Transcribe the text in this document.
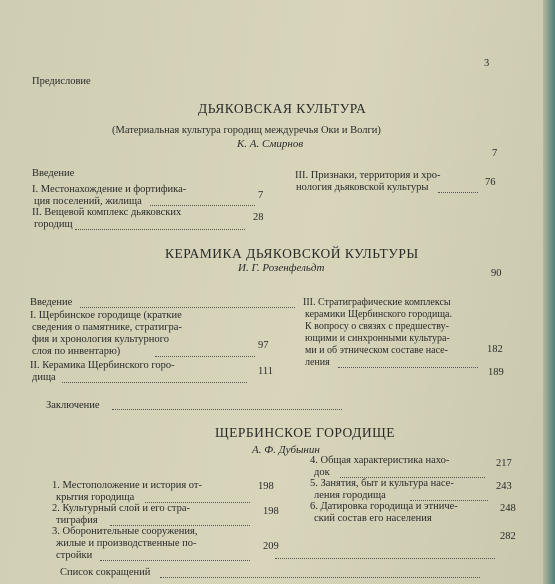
3
Предисловие
ДЬЯКОВСКАЯ КУЛЬТУРА
(Материальная культура городищ междуречья Оки и Волги)
К. А. Смирнов
7
Введение
I. Местонахождение и фортифика-
ция поселений, жилища
7
II. Вещевой комплекс дьяковских
городищ
28
III. Признаки, территория и хро-
нология дьяковской культуры	76
КЕРАМИКА ДЬЯКОВСКОЙ КУЛЬТУРЫ
И. Г. Розенфельдт	90
Введение
I. Щербинское городище (краткие
сведения о памятнике, стратигра-
фия и хронология культурного
слоя по инвентарю)
97
II. Керамика Щербинского горо-
дища
111
III. Стратиграфические комплексы
керамики Щербинского городища.
К вопросу о связях с предшеству-
ющими и синхронными культура-
ми и об этническом составе насе-
ления
182
189
Заключение
ЩЕРБИНСКОЕ ГОРОДИЩЕ
А. Ф. Дубынин
1. Местоположение и история от-
крытия городища
198
2. Культурный слой и его стра-
тиграфия
198
3. Оборонительные сооружения,
жилые и производственные по-
стройки
209
4. Общая характеристика нахо-
док
217
5. Занятия, быт и культура насе-
ления городища
243
6. Датировка городища и этниче-
ский состав его населения
248
282
Список сокращений
